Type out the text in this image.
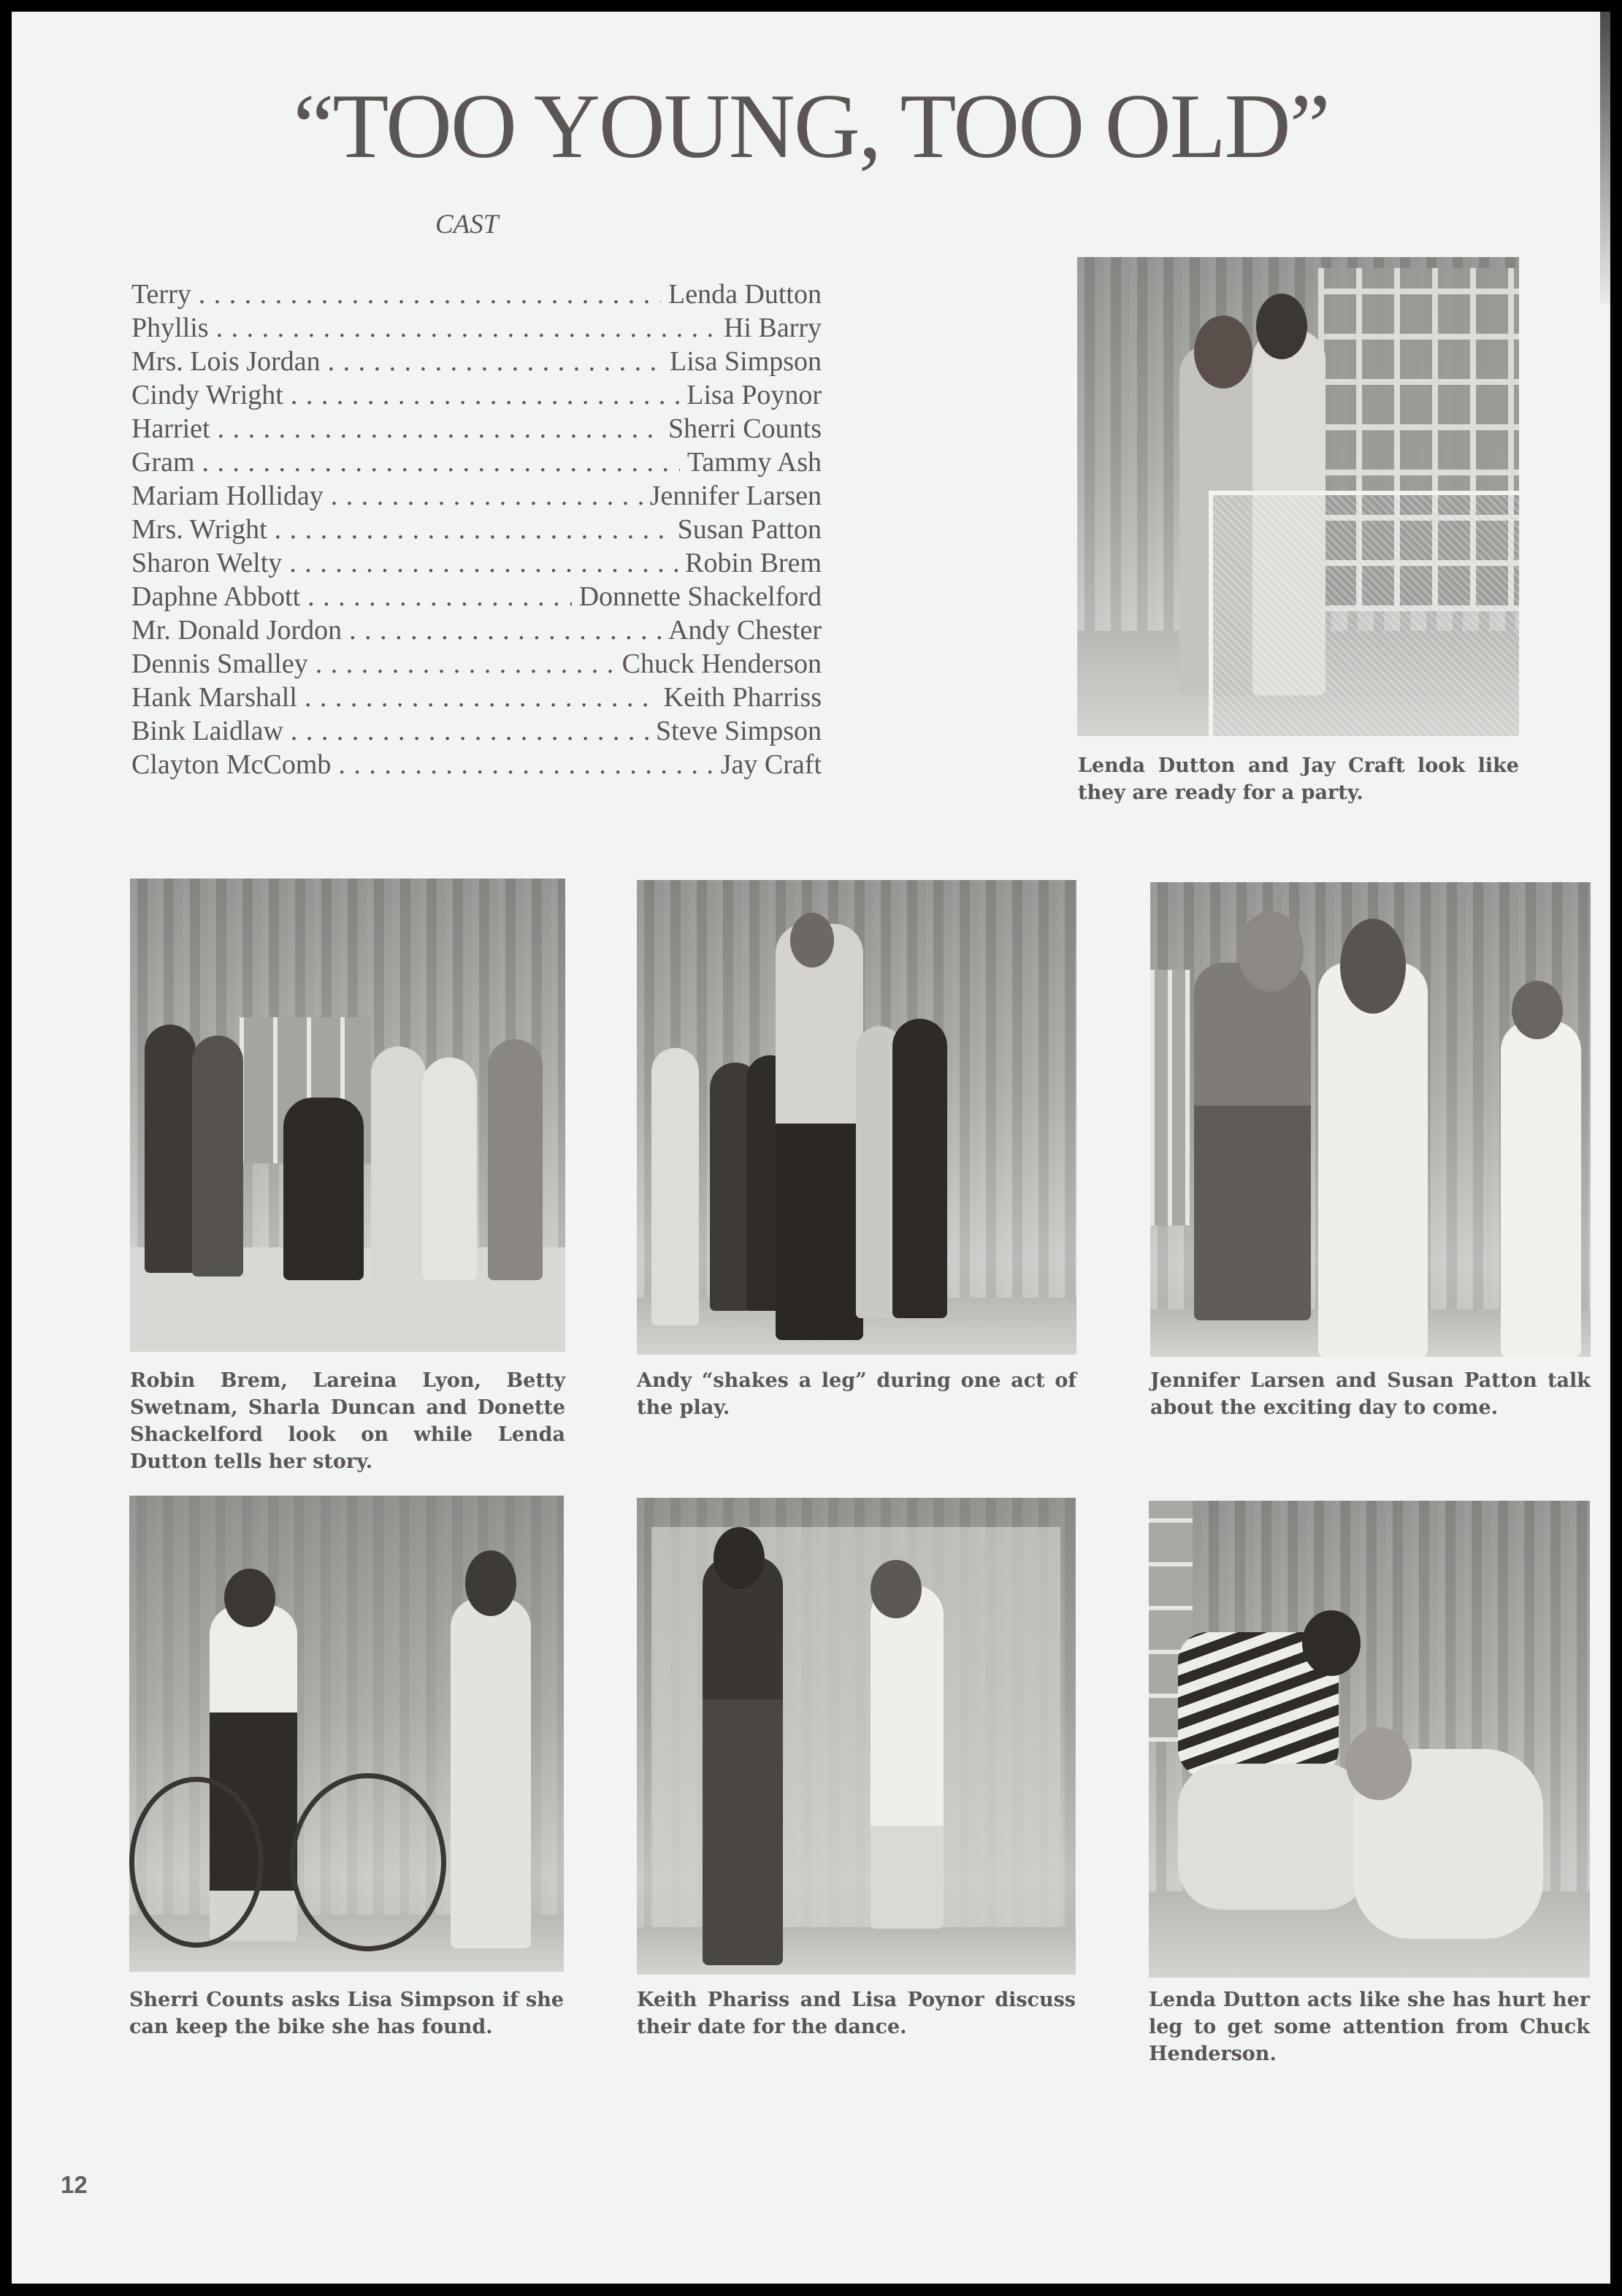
“TOO YOUNG, TOO OLD”
CAST
Terry . . .	Lenda Dutton
Phyllis . . .	Hi Barry
Mrs. Lois Jordan . . .	Lisa Simpson
Cindy Wright . . .	Lisa Poynor
Harriet . . .	Sherri Counts
Gram . . .	Tammy Ash
Mariam Holliday . . .	Jennifer Larsen
Mrs. Wright . . .	Susan Patton
Sharon Welty . . .	Robin Brem
Daphne Abbott . . .	Donnette Shackelford
Mr. Donald Jordon . . .	Andy Chester
Dennis Smalley . . .	Chuck Henderson
Hank Marshall . . .	Keith Pharriss
Bink Laidlaw . . .	Steve Simpson
Clayton McComb . . .	Jay Craft	Lenda Dutton and Jay Craft look like they are ready for a party.
Robin Brem, Lareina Lyon, Betty Swetnam, Sharla Duncan and Donette Shackelford look on while Lenda Dutton tells her story.
Andy “shakes a leg” during one act of the play.
Jennifer Larsen and Susan Patton talk about the exciting day to come.
Sherri Counts asks Lisa Simpson if she can keep the bike she has found.
Keith Phariss and Lisa Poynor discuss their date for the dance.
Lenda Dutton acts like she has hurt her leg to get some attention from Chuck Henderson.
12
